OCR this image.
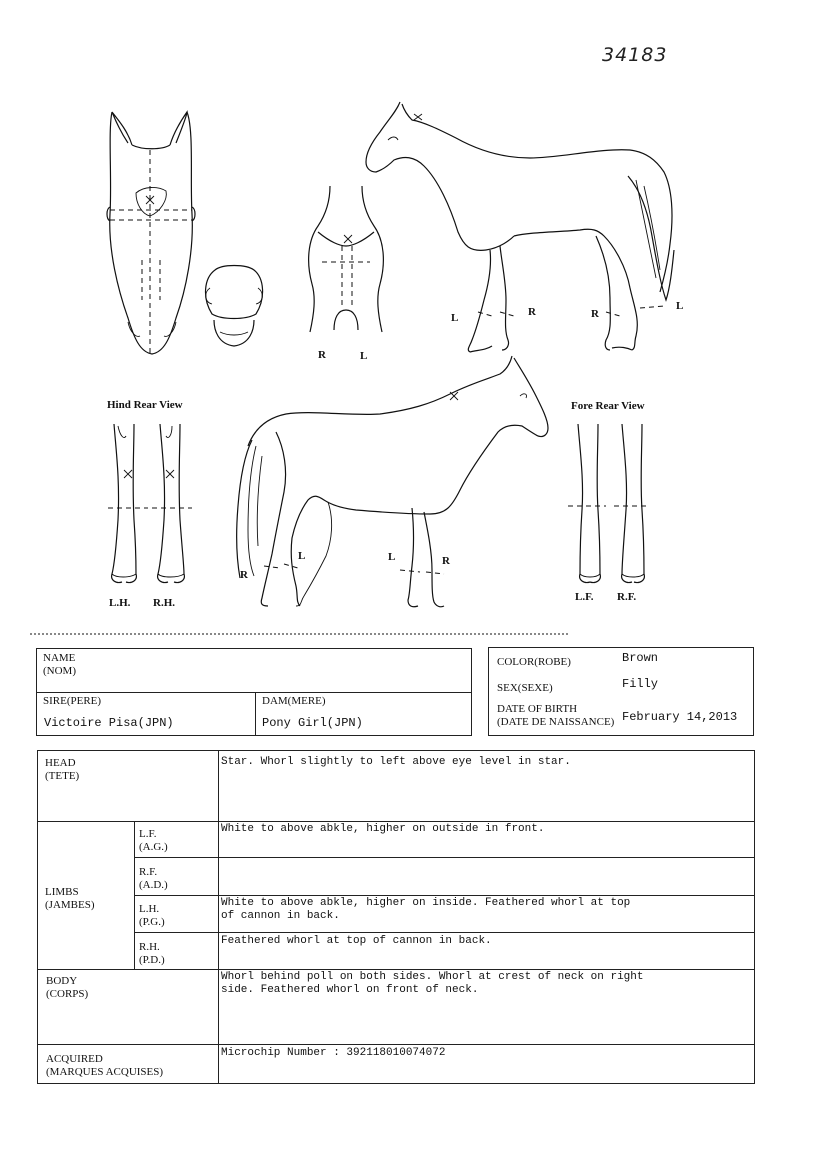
34183
Hind Rear View	Fore Rear View
R	L
L	R	R
L
L
R
L	R
L.H. R.H.	L.F. R.F.
NAME
(NOM)
SIRE(PERE)
Victoire Pisa(JPN)
DAM(MERE)
Pony Girl(JPN)
COLOR(ROBE)	Brown
SEX(SEXE)	Filly
DATE OF BIRTH
(DATE DE NAISSANCE) February 14,2013
HEAD
(TETE)
Star. Whorl slightly to left above eye level in star.
LIMBS
(JAMBES)
L.F.
(A.G.)
White to above abkle, higher on outside in front.
R.F.
(A.D.)
L.H.
(P.G.)
White to above abkle, higher on inside. Feathered whorl at top
of cannon in back.
R.H.
(P.D.)
Feathered whorl at top of cannon in back.
BODY
(CORPS)
Whorl behind poll on both sides. Whorl at crest of neck on right
side. Feathered whorl on front of neck.
ACQUIRED
(MARQUES ACQUISES)
Microchip Number : 392118010074072
